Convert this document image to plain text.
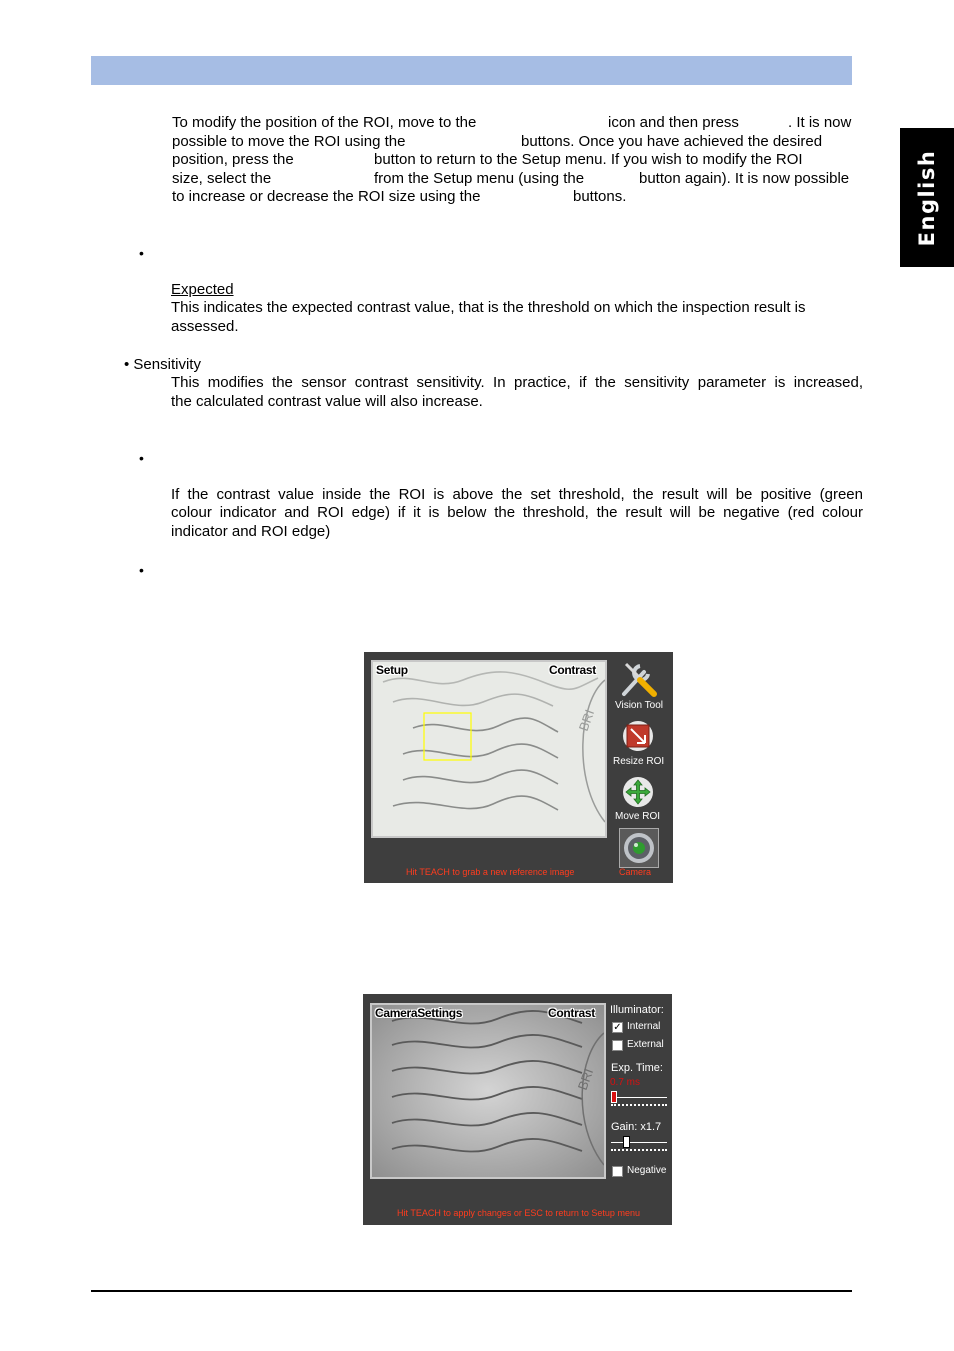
English
To modify the position of the ROI, move to the	icon and then press	. It is now
possible to move the ROI using the	buttons. Once you have achieved the desired
position, press the	button to return to the Setup menu. If you wish to modify the ROI
size, select the	from the Setup menu (using the	button again). It is now possible
to increase or decrease the ROI size using the	buttons.
•
Expected
This indicates the expected contrast value, that is the threshold on which the inspection result is
assessed.
• Sensitivity
This modifies the sensor contrast sensitivity. In practice, if the sensitivity parameter is increased,
the calculated contrast value will also increase.
•
If the contrast value inside the ROI is above the set threshold, the result will be positive (green
colour indicator and ROI edge) if it is below the threshold, the result will be negative (red colour
indicator and ROI edge)
•
BRI
Setup	Contrast
Vision Tool
Resize ROI
Move ROI
Camera
Hit TEACH to grab a new reference image
BRI
CameraSettings	Contrast Illuminator:
✓ Internal
External
Exp. Time:
0.7 ms
Gain: x1.7
Negative
Hit TEACH to apply changes or ESC to return to Setup menu
